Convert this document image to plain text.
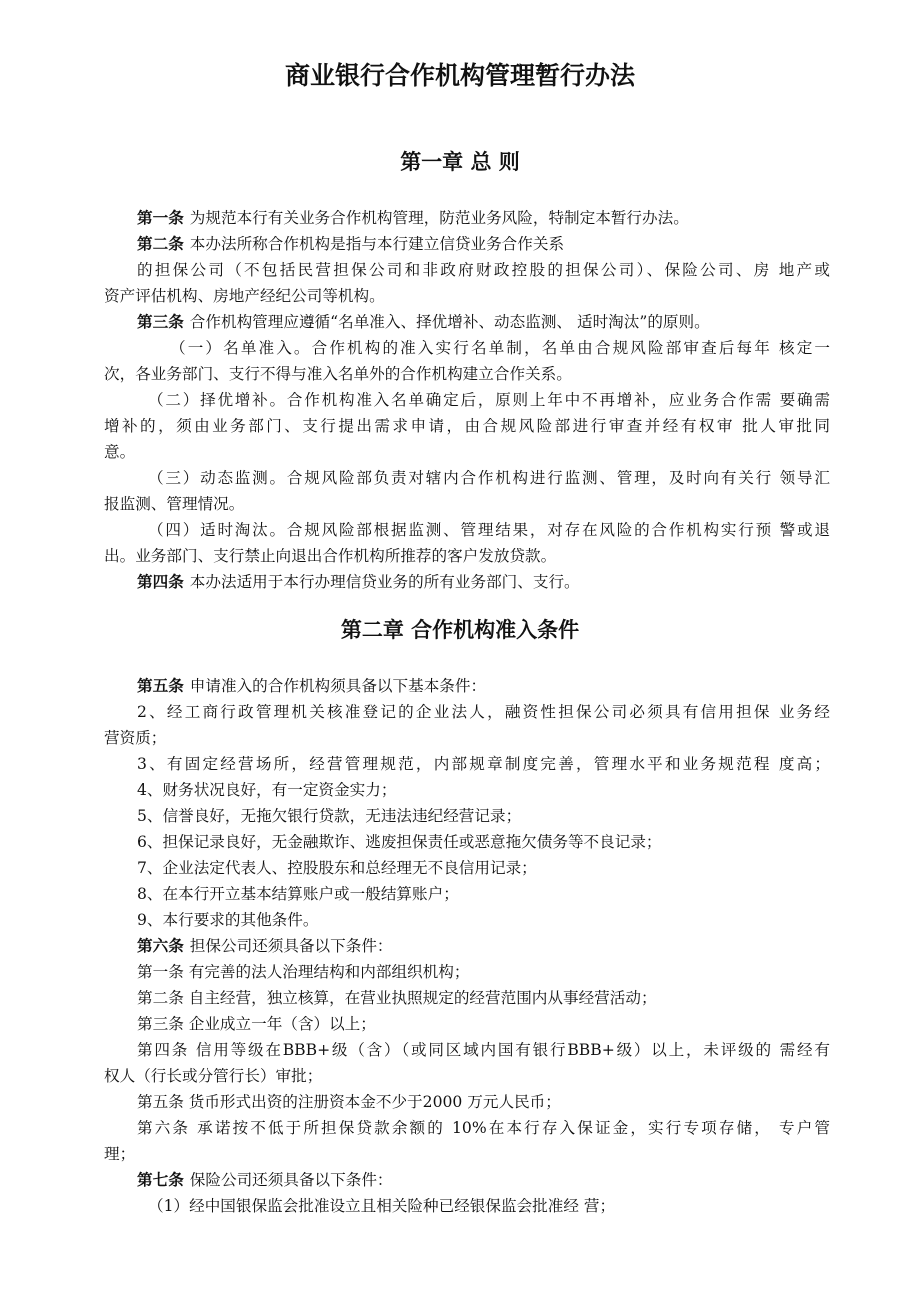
商业银行合作机构管理暂行办法
第一章 总 则
第二章 合作机构准入条件
第一条 为规范本行有关业务合作机构管理，防范业务风险，特制定本暂行办法。
第二条 本办法所称合作机构是指与本行建立信贷业务合作关系
的担保公司（不包括民营担保公司和非政府财政控股的担保公司）、保险公司、房 地产或
资产评估机构、房地产经纪公司等机构。
第三条 合作机构管理应遵循“名单准入、择优增补、动态监测、 适时淘汰”的原则。
（一）名单准入。合作机构的准入实行名单制，名单由合规风险部审查后每年 核定一
次，各业务部门、支行不得与准入名单外的合作机构建立合作关系。
（二）择优增补。合作机构准入名单确定后，原则上年中不再增补，应业务合作需 要确需
增补的，须由业务部门、支行提出需求申请，由合规风险部进行审查并经有权审 批人审批同
意。
（三）动态监测。合规风险部负责对辖内合作机构进行监测、管理，及时向有关行 领导汇
报监测、管理情况。
（四）适时淘汰。合规风险部根据监测、管理结果，对存在风险的合作机构实行预 警或退
出。业务部门、支行禁止向退出合作机构所推荐的客户发放贷款。
第四条 本办法适用于本行办理信贷业务的所有业务部门、支行。
第五条 申请准入的合作机构须具备以下基本条件：
2、经工商行政管理机关核准登记的企业法人，融资性担保公司必须具有信用担保 业务经
营资质；
3、有固定经营场所，经营管理规范，内部规章制度完善，管理水平和业务规范程 度高；
4、财务状况良好，有一定资金实力；
5、信誉良好，无拖欠银行贷款，无违法违纪经营记录；
6、担保记录良好，无金融欺诈、逃废担保责任或恶意拖欠债务等不良记录；
7、企业法定代表人、控股股东和总经理无不良信用记录；
8、在本行开立基本结算账户或一般结算账户；
9、本行要求的其他条件。
第六条 担保公司还须具备以下条件：
第一条 有完善的法人治理结构和内部组织机构；
第二条 自主经营，独立核算，在营业执照规定的经营范围内从事经营活动；
第三条 企业成立一年（含）以上；
第四条 信用等级在BBB+级（含）（或同区域内国有银行BBB+级）以上，未评级的 需经有
权人（行长或分管行长）审批；
第五条 货币形式出资的注册资本金不少于2000 万元人民币；
第六条 承诺按不低于所担保贷款余额的 10%在本行存入保证金，实行专项存储， 专户管
理；
第七条 保险公司还须具备以下条件：
（1）经中国银保监会批准设立且相关险种已经银保监会批准经 营；
